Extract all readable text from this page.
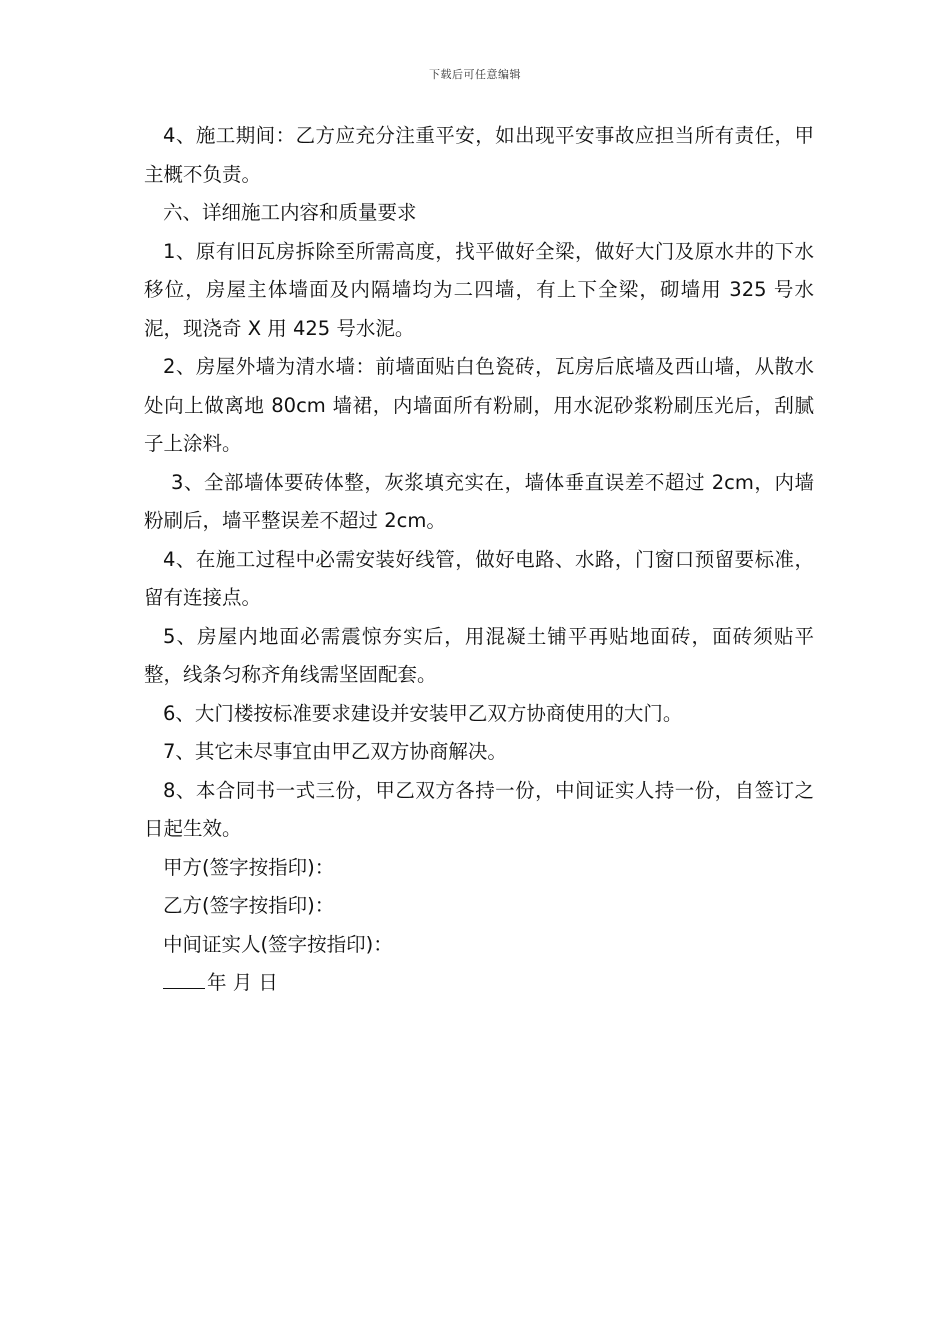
下载后可任意编辑

4、施工期间：乙方应充分注重平安，如出现平安事故应担当所有责任，甲主概不负责。

六、详细施工内容和质量要求

1、原有旧瓦房拆除至所需高度，找平做好全梁，做好大门及原水井的下水移位，房屋主体墙面及内隔墙均为二四墙，有上下全梁，砌墙用 325 号水泥，现浇奇 X 用 425 号水泥。

2、房屋外墙为清水墙：前墙面贴白色瓷砖，瓦房后底墙及西山墙，从散水处向上做离地 80cm 墙裙，内墙面所有粉刷，用水泥砂浆粉刷压光后，刮腻子上涂料。

3、全部墙体要砖体整，灰浆填充实在，墙体垂直误差不超过 2cm，内墙粉刷后，墙平整误差不超过 2cm。

4、在施工过程中必需安装好线管，做好电路、水路，门窗口预留要标准，留有连接点。

5、房屋内地面必需震惊夯实后，用混凝土铺平再贴地面砖，面砖须贴平整，线条匀称齐角线需坚固配套。

6、大门楼按标准要求建设并安装甲乙双方协商使用的大门。

7、其它未尽事宜由甲乙双方协商解决。

8、本合同书一式三份，甲乙双方各持一份，中间证实人持一份，自签订之日起生效。

甲方(签字按指印)：

乙方(签字按指印)：

中间证实人(签字按指印)：

年 月 日
